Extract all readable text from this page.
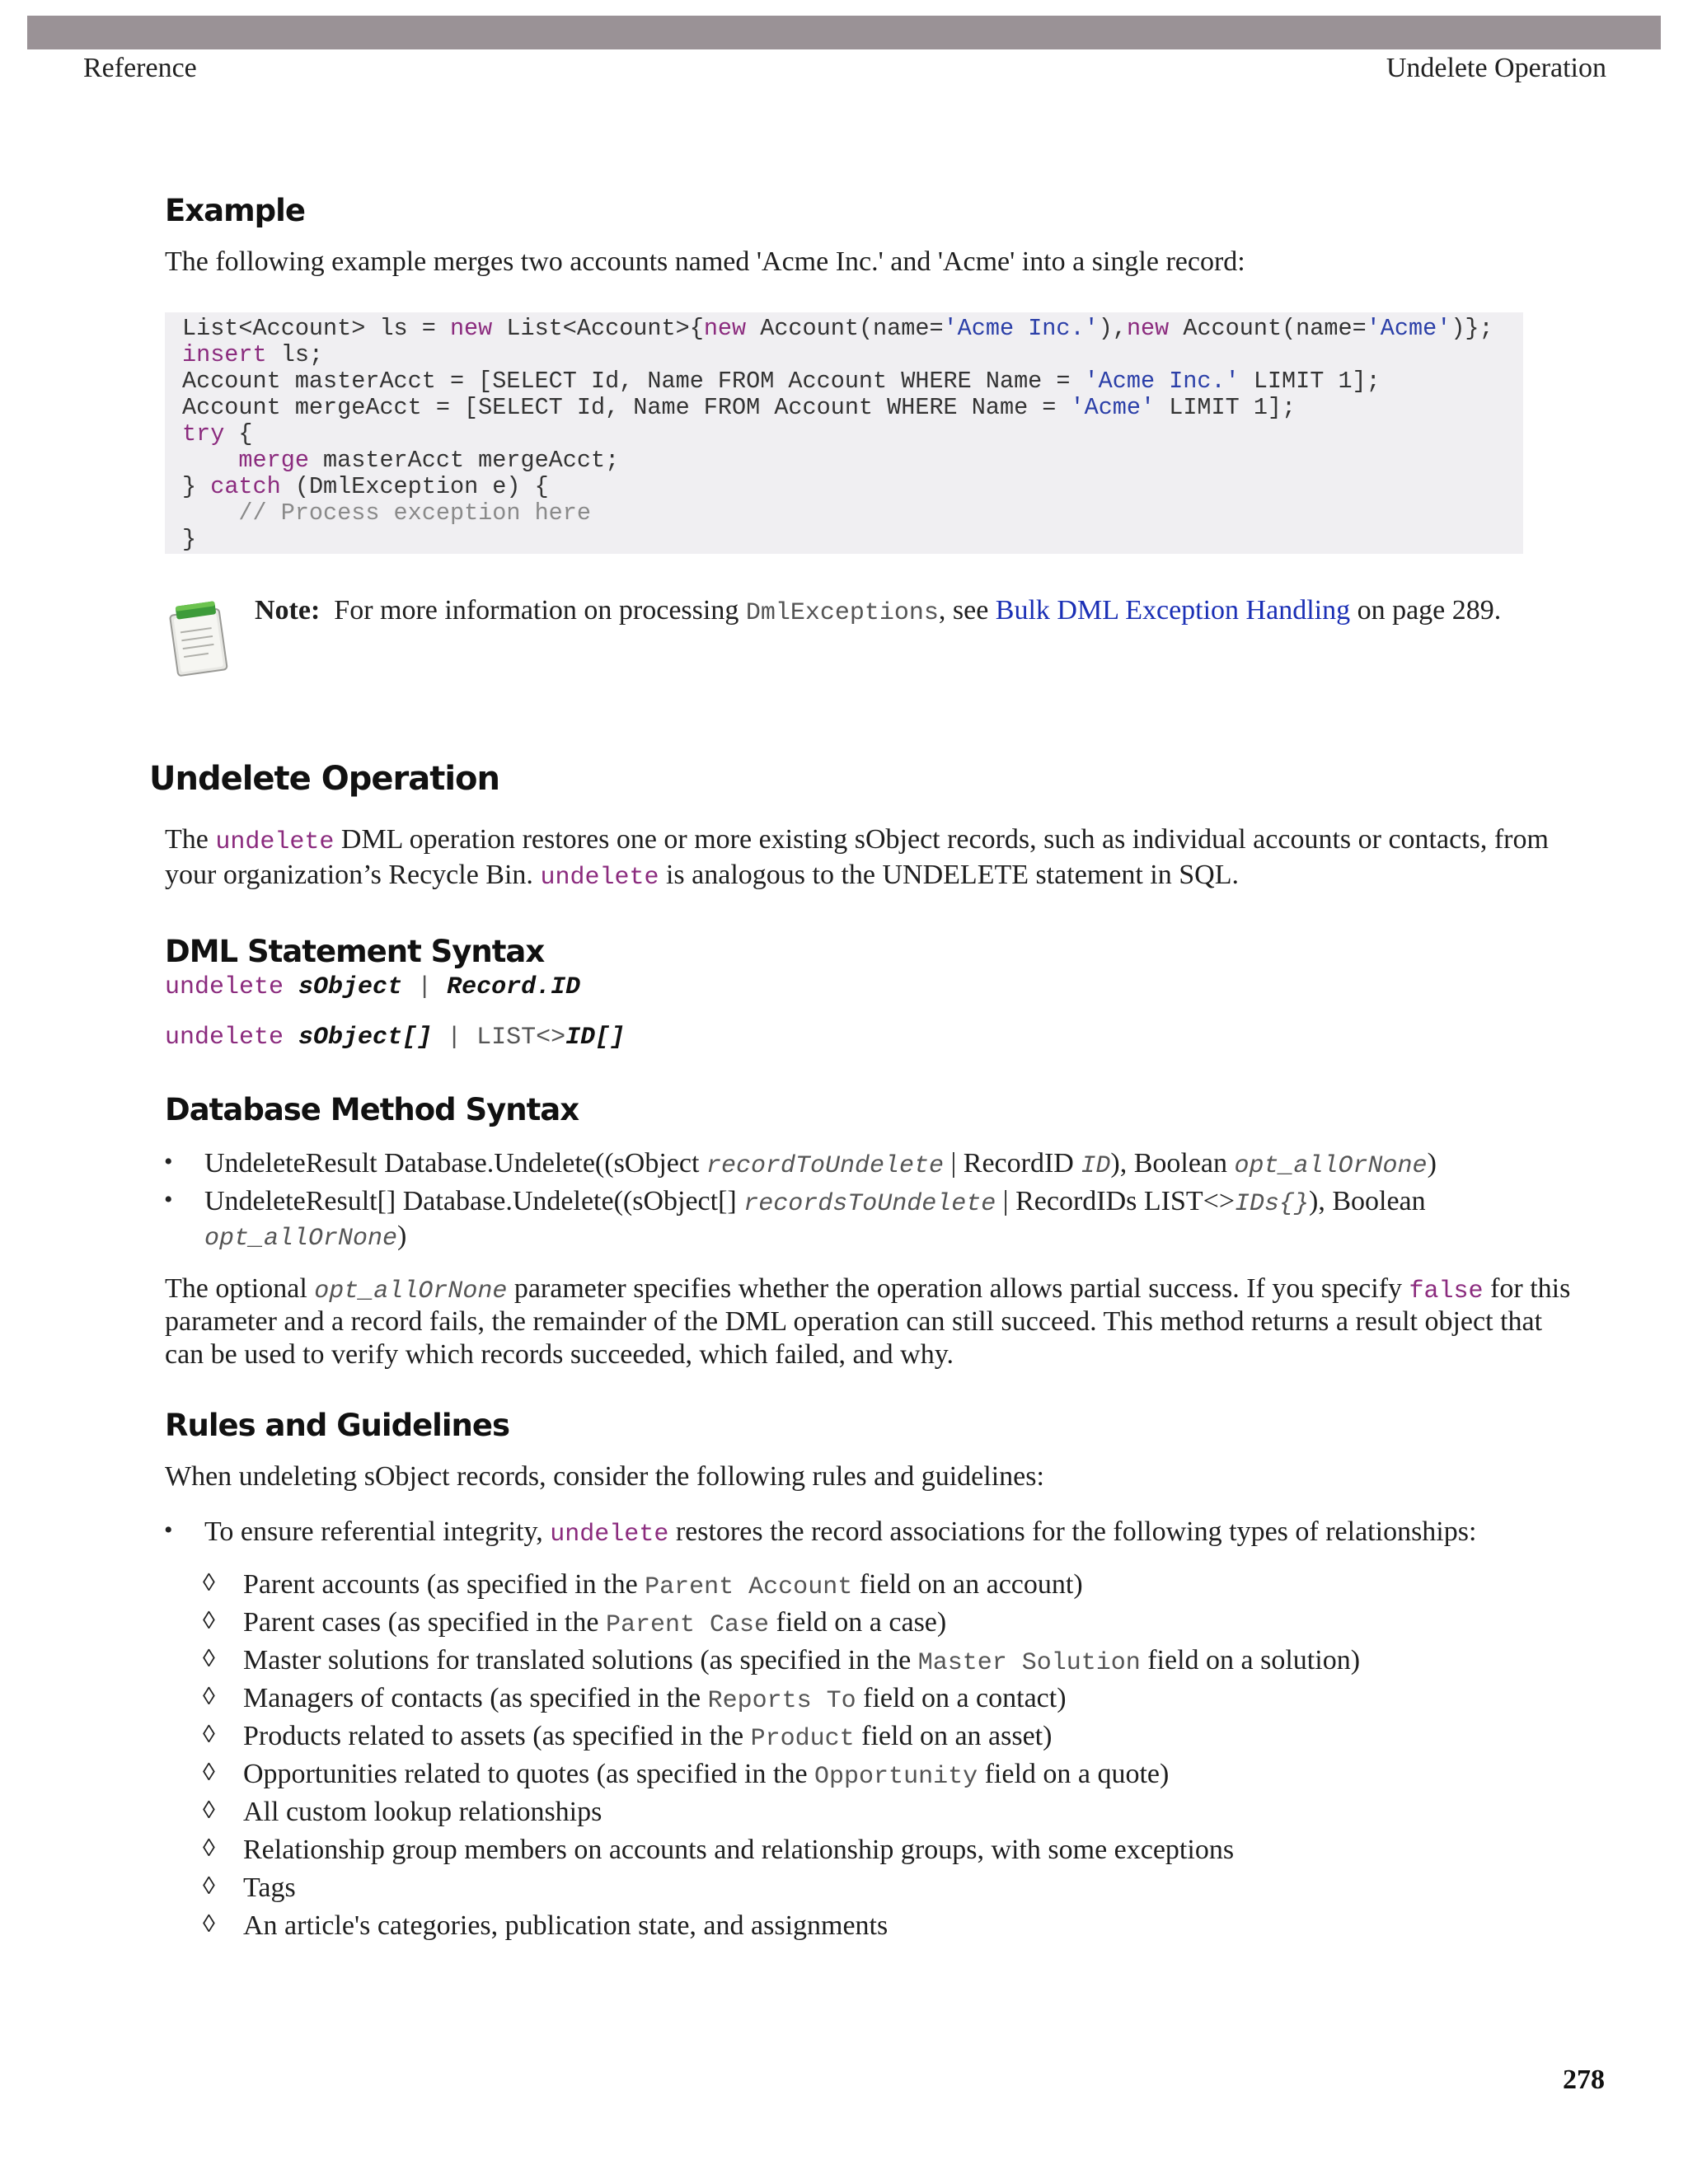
Reference	Undelete Operation
Example
The following example merges two accounts named 'Acme Inc.' and 'Acme' into a single record:
List<Account> ls = new List<Account>{new Account(name='Acme Inc.'),new Account(name='Acme')};
insert ls;
Account masterAcct = [SELECT Id, Name FROM Account WHERE Name = 'Acme Inc.' LIMIT 1];
Account mergeAcct = [SELECT Id, Name FROM Account WHERE Name = 'Acme' LIMIT 1];
try {
merge masterAcct mergeAcct;
} catch (DmlException e) {
// Process exception here
}
Note: For more information on processing DmlExceptions, see Bulk DML Exception Handling on page 289.
Undelete Operation
The undelete DML operation restores one or more existing sObject records, such as individual accounts or contacts, from
your organization’s Recycle Bin. undelete is analogous to the UNDELETE statement in SQL.
DML Statement Syntax
undelete sObject | Record.ID
undelete sObject[] | LIST<>ID[]
Database Method Syntax
• UndeleteResult Database.Undelete((sObject recordToUndelete | RecordID ID), Boolean opt_allOrNone)
• UndeleteResult[] Database.Undelete((sObject[] recordsToUndelete | RecordIDs LIST<>IDs{}), Boolean
opt_allOrNone)
The optional opt_allOrNone parameter specifies whether the operation allows partial success. If you specify false for this
parameter and a record fails, the remainder of the DML operation can still succeed. This method returns a result object that
can be used to verify which records succeeded, which failed, and why.
Rules and Guidelines
When undeleting sObject records, consider the following rules and guidelines:
• To ensure referential integrity, undelete restores the record associations for the following types of relationships:
◊ Parent accounts (as specified in the Parent Account field on an account)
◊ Parent cases (as specified in the Parent Case field on a case)
◊ Master solutions for translated solutions (as specified in the Master Solution field on a solution)
◊ Managers of contacts (as specified in the Reports To field on a contact)
◊ Products related to assets (as specified in the Product field on an asset)
◊ Opportunities related to quotes (as specified in the Opportunity field on a quote)
◊ All custom lookup relationships
◊ Relationship group members on accounts and relationship groups, with some exceptions
◊ Tags
◊ An article's categories, publication state, and assignments
278
